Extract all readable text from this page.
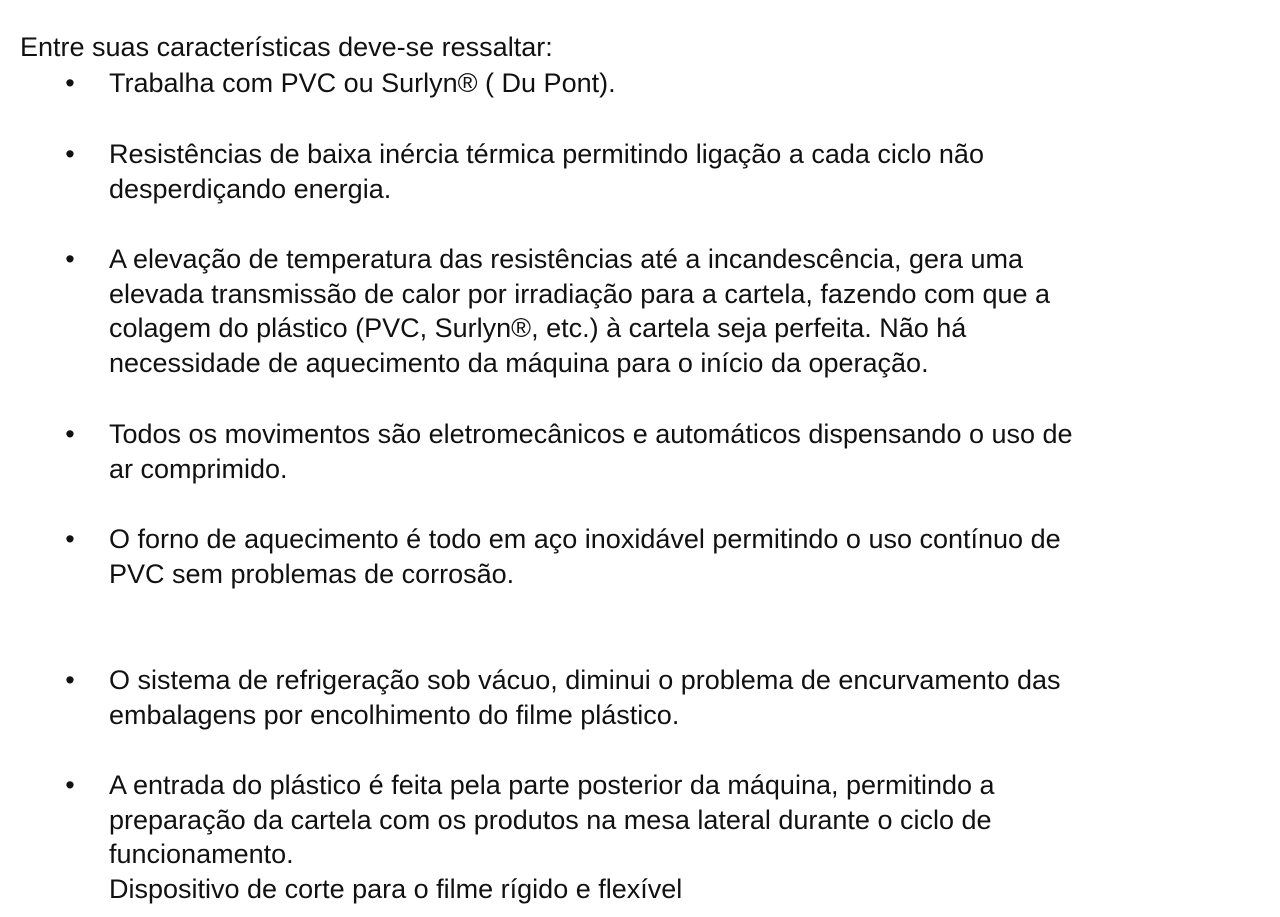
Entre suas características deve-se ressaltar:

• Trabalha com PVC ou Surlyn® ( Du Pont).

• Resistências de baixa inércia térmica permitindo ligação a cada ciclo não
desperdiçando energia.

• A elevação de temperatura das resistências até a incandescência, gera uma
elevada transmissão de calor por irradiação para a cartela, fazendo com que a
colagem do plástico (PVC, Surlyn®, etc.) à cartela seja perfeita. Não há
necessidade de aquecimento da máquina para o início da operação.

• Todos os movimentos são eletromecânicos e automáticos dispensando o uso de
ar comprimido.

• O forno de aquecimento é todo em aço inoxidável permitindo o uso contínuo de
PVC sem problemas de corrosão.

• O sistema de refrigeração sob vácuo, diminui o problema de encurvamento das
embalagens por encolhimento do filme plástico.

• A entrada do plástico é feita pela parte posterior da máquina, permitindo a
preparação da cartela com os produtos na mesa lateral durante o ciclo de
funcionamento.
Dispositivo de corte para o filme rígido e flexível
